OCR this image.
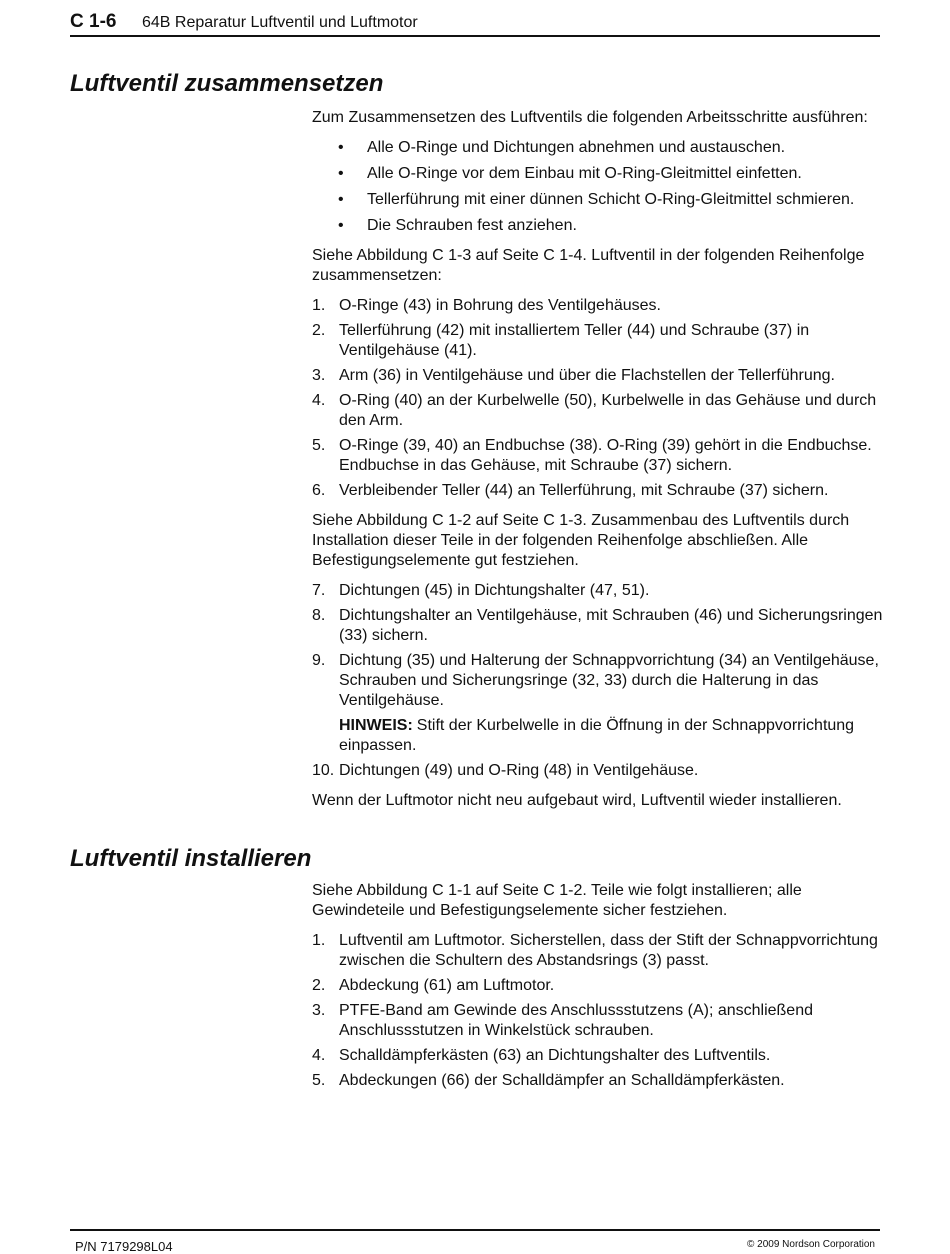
C 1-6 64B Reparatur Luftventil und Luftmotor
Luftventil zusammensetzen

Zum Zusammensetzen des Luftventils die folgenden Arbeitsschritte ausführen:

• Alle O-Ringe und Dichtungen abnehmen und austauschen.
• Alle O-Ringe vor dem Einbau mit O-Ring-Gleitmittel einfetten.
• Tellerführung mit einer dünnen Schicht O-Ring-Gleitmittel schmieren.
• Die Schrauben fest anziehen.

Siehe Abbildung C 1-3 auf Seite C 1-4. Luftventil in der folgenden Reihenfolge zusammensetzen:

1. O-Ringe (43) in Bohrung des Ventilgehäuses.
2. Tellerführung (42) mit installiertem Teller (44) und Schraube (37) in Ventilgehäuse (41).
3. Arm (36) in Ventilgehäuse und über die Flachstellen der Tellerführung.
4. O-Ring (40) an der Kurbelwelle (50), Kurbelwelle in das Gehäuse und durch den Arm.
5. O-Ringe (39, 40) an Endbuchse (38). O-Ring (39) gehört in die Endbuchse. Endbuchse in das Gehäuse, mit Schraube (37) sichern.
6. Verbleibender Teller (44) an Tellerführung, mit Schraube (37) sichern.

Siehe Abbildung C 1-2 auf Seite C 1-3. Zusammenbau des Luftventils durch Installation dieser Teile in der folgenden Reihenfolge abschließen. Alle Befestigungselemente gut festziehen.

7. Dichtungen (45) in Dichtungshalter (47, 51).
8. Dichtungshalter an Ventilgehäuse, mit Schrauben (46) und Sicherungsringen (33) sichern.
9. Dichtung (35) und Halterung der Schnappvorrichtung (34) an Ventilgehäuse, Schrauben und Sicherungsringe (32, 33) durch die Halterung in das Ventilgehäuse.
HINWEIS: Stift der Kurbelwelle in die Öffnung in der Schnappvorrichtung einpassen.
10. Dichtungen (49) und O-Ring (48) in Ventilgehäuse.

Wenn der Luftmotor nicht neu aufgebaut wird, Luftventil wieder installieren.

Luftventil installieren

Siehe Abbildung C 1-1 auf Seite C 1-2. Teile wie folgt installieren; alle Gewindeteile und Befestigungselemente sicher festziehen.

1. Luftventil am Luftmotor. Sicherstellen, dass der Stift der Schnappvorrichtung zwischen die Schultern des Abstandsrings (3) passt.
2. Abdeckung (61) am Luftmotor.
3. PTFE-Band am Gewinde des Anschlussstutzens (A); anschließend Anschlussstutzen in Winkelstück schrauben.
4. Schalldämpferkästen (63) an Dichtungshalter des Luftventils.
5. Abdeckungen (66) der Schalldämpfer an Schalldämpferkästen.
P/N 7179298L04	© 2009 Nordson Corporation
